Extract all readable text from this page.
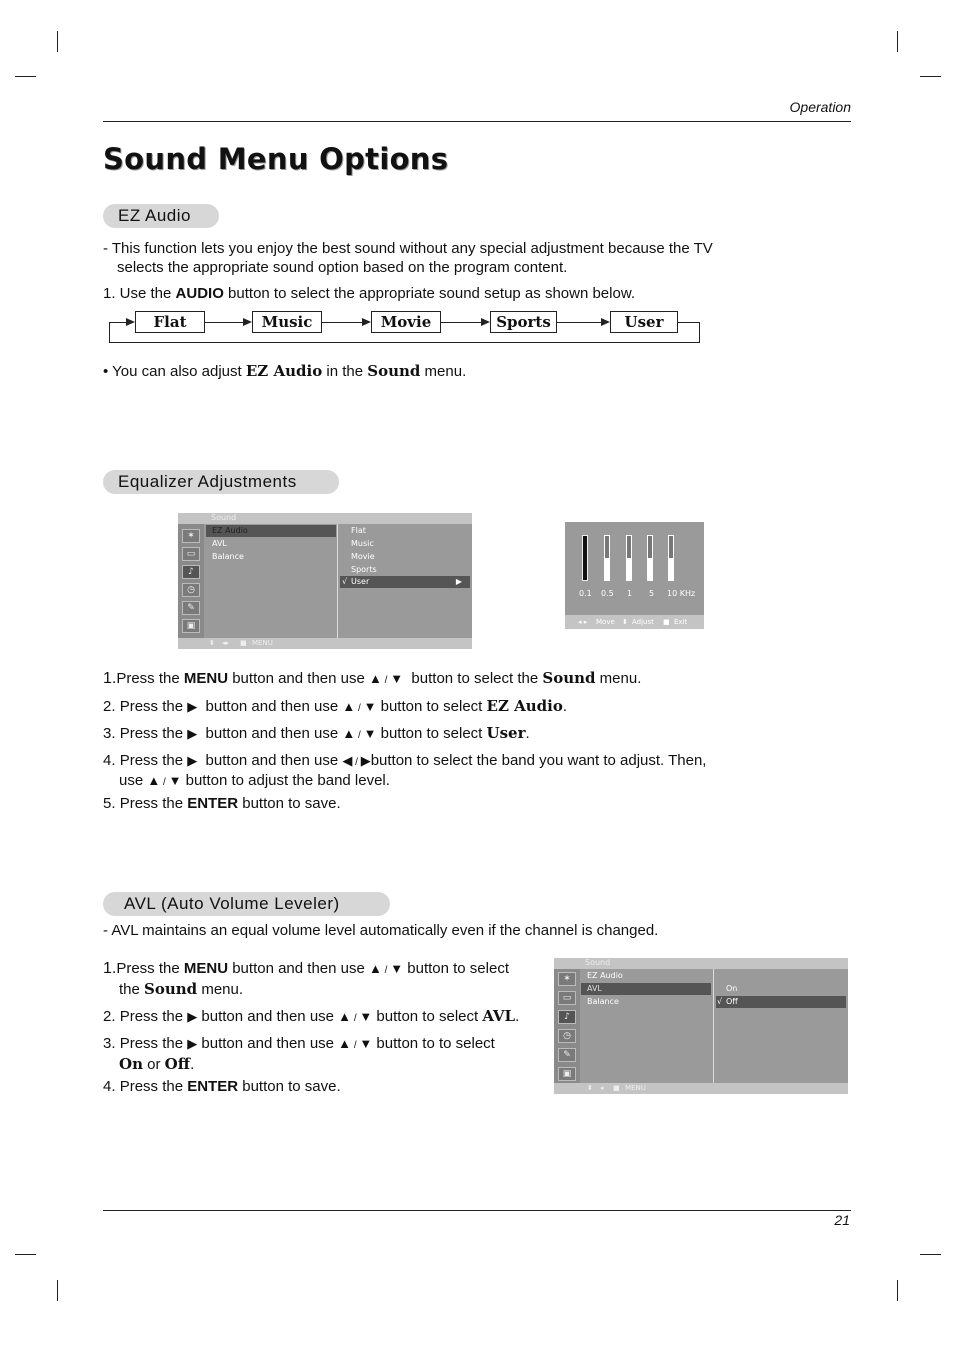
Operation
Sound Menu Options
EZ Audio
- This function lets you enjoy the best sound without any special adjustment because the TV
selects the appropriate sound option based on the program content.
1. Use the AUDIO button to select the appropriate sound setup as shown below.
Flat	Music	Movie	Sports	User
• You can also adjust EZ Audio in the Sound menu.
Equalizer Adjustments
Sound
✶
▭
♪
◷
✎
▣
EZ Audio
AVL
Balance
Flat
Music
Movie
Sports
√ User	▶
⬍ ◂▸ ■ MENU
0.1 0.5 1 5 10 KHz
◂ ▸ Move ⬍ Adjust ■ Exit
1.Press the MENU button and then use ▲ / ▼  button to select the Sound menu.
2. Press the ▶  button and then use ▲ / ▼ button to select EZ Audio.
3. Press the ▶  button and then use ▲ / ▼ button to select User.
4. Press the ▶  button and then use ◀ / ▶button to select the band you want to adjust. Then,
use ▲ / ▼ button to adjust the band level.
5. Press the ENTER button to save.
AVL (Auto Volume Leveler)
- AVL maintains an equal volume level automatically even if the channel is changed.
1.Press the MENU button and then use ▲ / ▼ button to select
the Sound menu.
2. Press the ▶ button and then use ▲ / ▼ button to select AVL.
3. Press the ▶ button and then use ▲ / ▼ button to to select
On or Off.
4. Press the ENTER button to save.
Sound
✶
▭
♪
◷
✎
▣
EZ Audio
AVL
Balance
On
√ Off
⬍ ◂ ■ MENU
21
